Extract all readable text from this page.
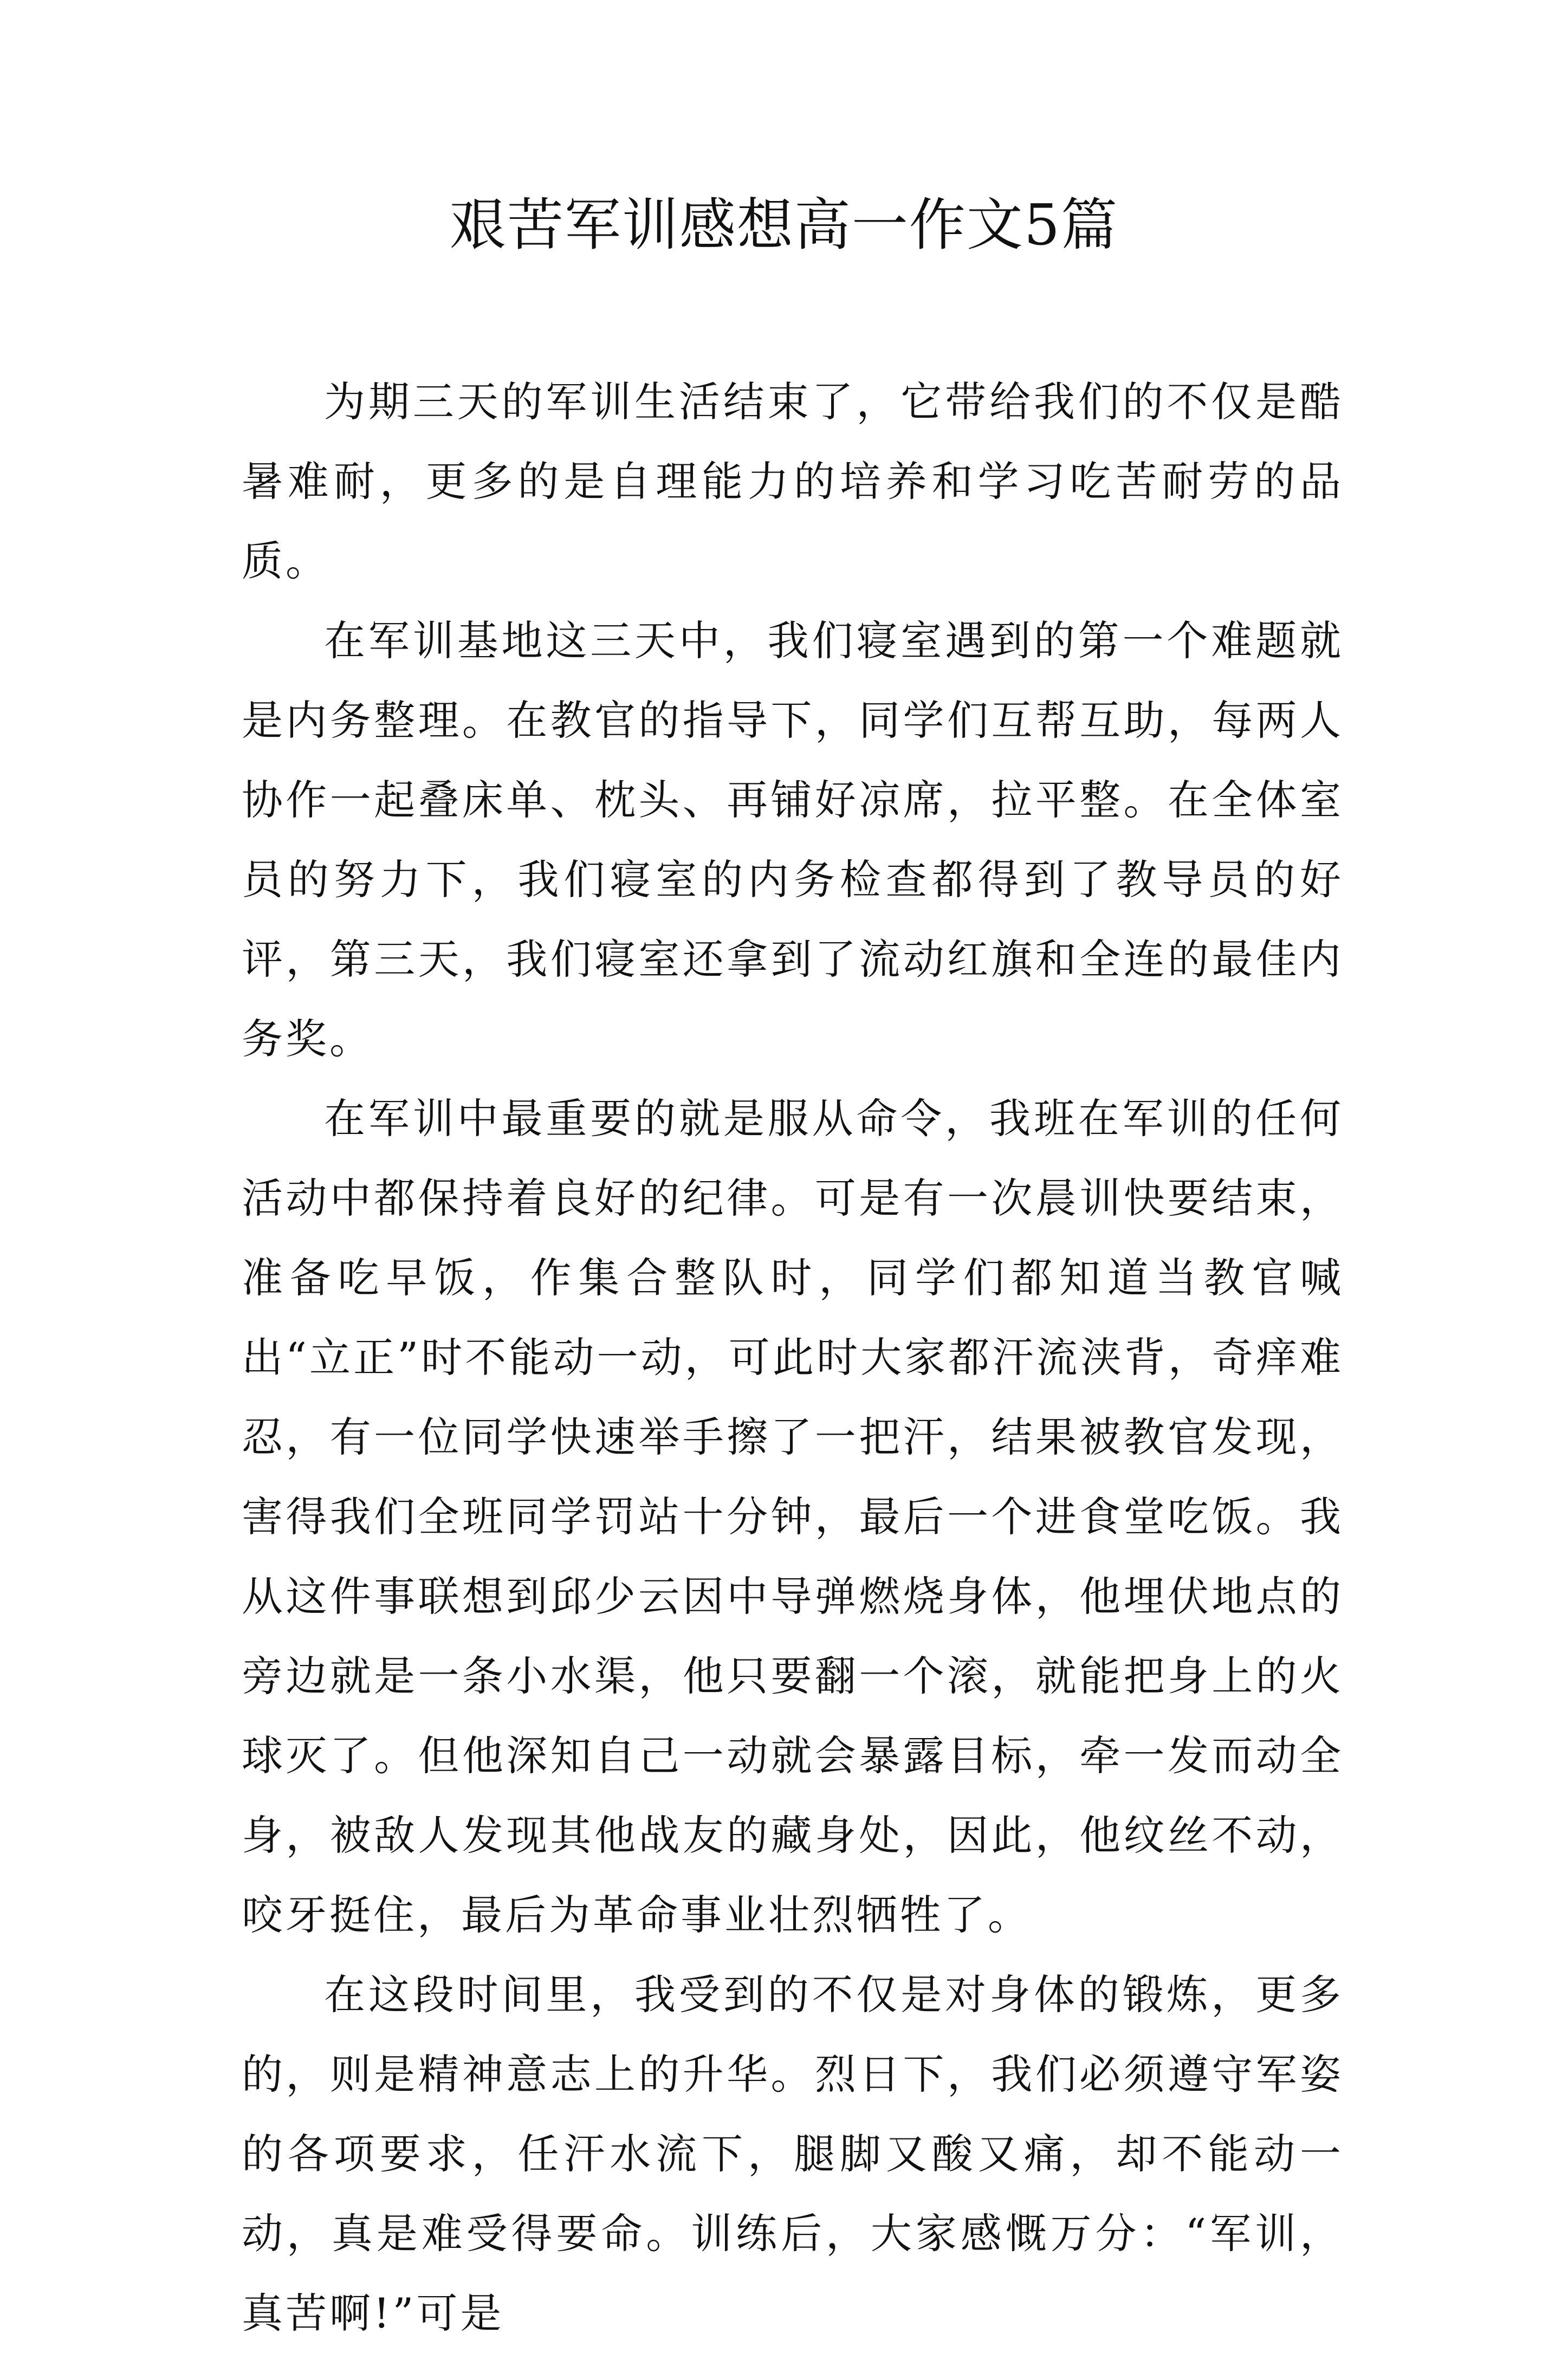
艰苦军训感想高一作文5篇

为期三天的军训生活结束了，它带给我们的不仅是酷暑难耐，更多的是自理能力的培养和学习吃苦耐劳的品质。

在军训基地这三天中，我们寝室遇到的第一个难题就是内务整理。在教官的指导下，同学们互帮互助，每两人协作一起叠床单、枕头、再铺好凉席，拉平整。在全体室员的努力下，我们寝室的内务检查都得到了教导员的好评，第三天，我们寝室还拿到了流动红旗和全连的最佳内务奖。

在军训中最重要的就是服从命令，我班在军训的任何活动中都保持着良好的纪律。可是有一次晨训快要结束，准备吃早饭，作集合整队时，同学们都知道当教官喊出“立正”时不能动一动，可此时大家都汗流浃背，奇痒难忍，有一位同学快速举手擦了一把汗，结果被教官发现，害得我们全班同学罚站十分钟，最后一个进食堂吃饭。我从这件事联想到邱少云因中导弹燃烧身体，他埋伏地点的旁边就是一条小水渠，他只要翻一个滚，就能把身上的火球灭了。但他深知自己一动就会暴露目标，牵一发而动全身，被敌人发现其他战友的藏身处，因此，他纹丝不动，咬牙挺住，最后为革命事业壮烈牺牲了。

在这段时间里，我受到的不仅是对身体的锻炼，更多的，则是精神意志上的升华。烈日下，我们必须遵守军姿的各项要求，任汗水流下，腿脚又酸又痛，却不能动一动，真是难受得要命。训练后，大家感慨万分：“军训，真苦啊!”可是
